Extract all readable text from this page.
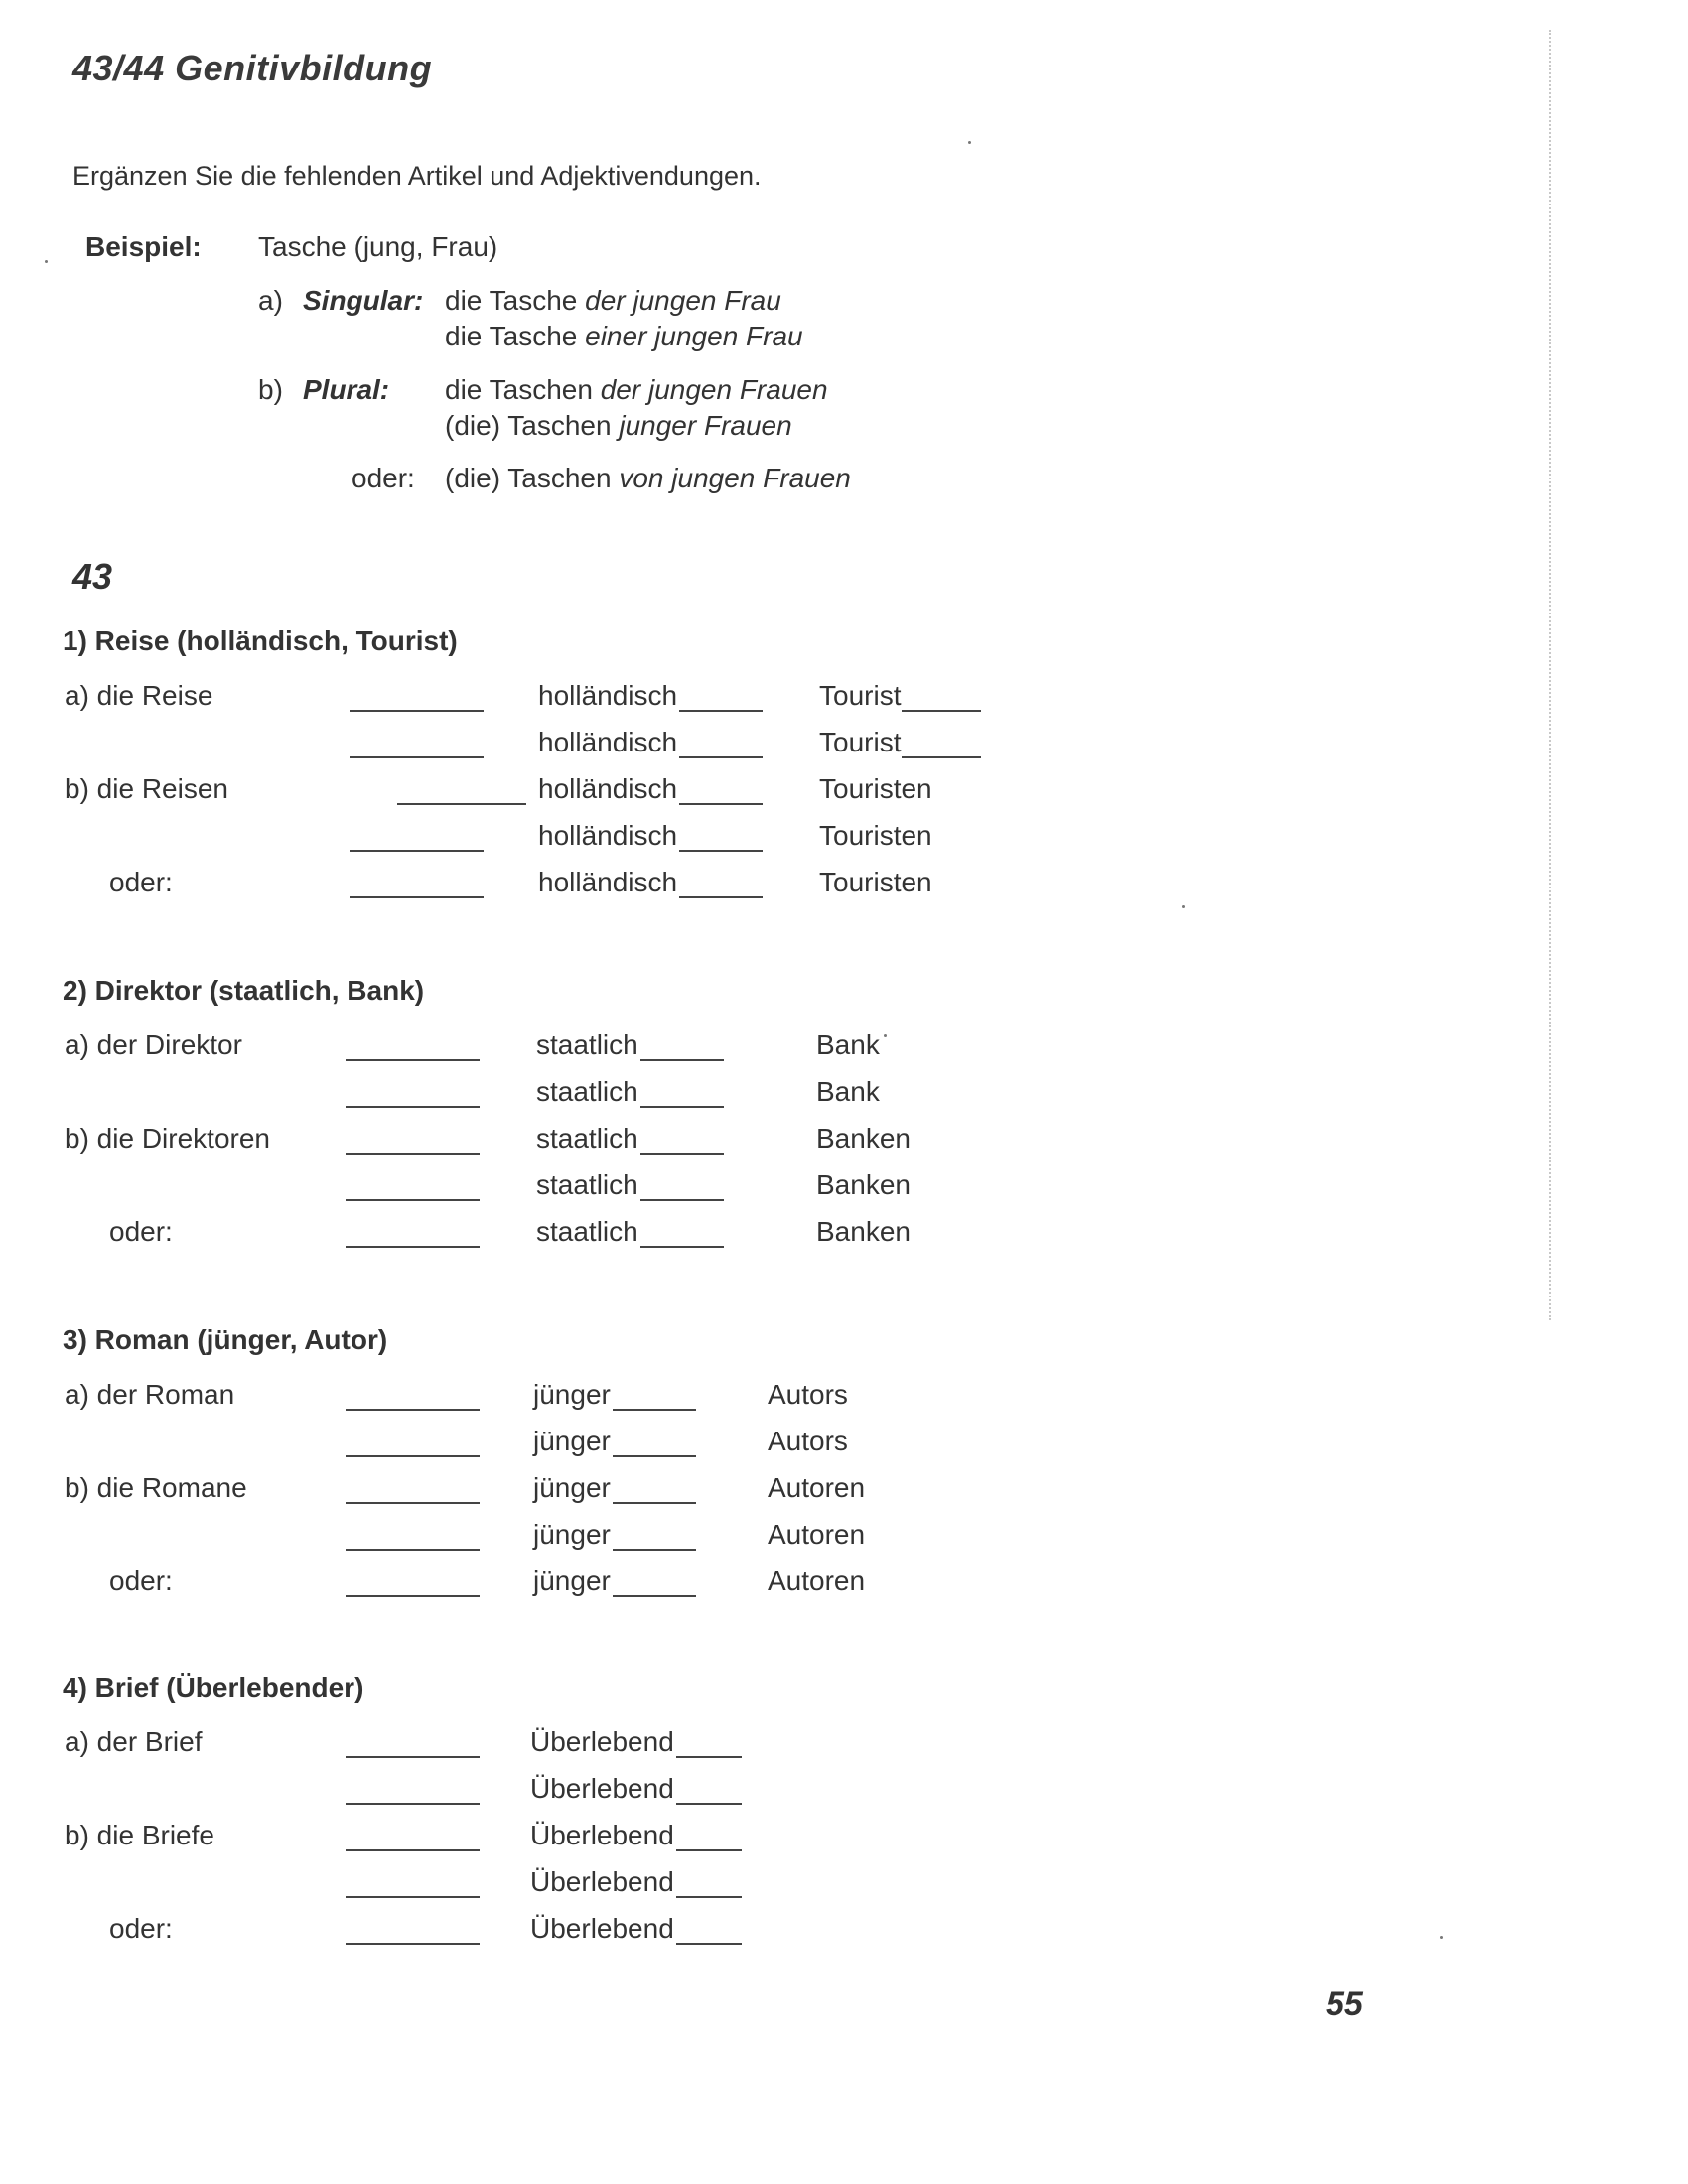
43/44 Genitivbildung
Ergänzen Sie die fehlenden Artikel und Adjektivendungen.
Beispiel: Tasche (jung, Frau)
a) Singular: die Tasche der jungen Frau
die Tasche einer jungen Frau
b) Plural: die Taschen der jungen Frauen
(die) Taschen junger Frauen
oder: (die) Taschen von jungen Frauen
43
1) Reise (holländisch, Tourist)
a) die Reise	holländisch	Tourist
holländisch	Tourist
b) die Reisen	holländisch	Touristen
holländisch	Touristen
oder:	holländisch	Touristen
2) Direktor (staatlich, Bank)
a) der Direktor	staatlich	Bank
staatlich	Bank
b) die Direktoren	staatlich	Banken
staatlich	Banken
oder:	staatlich	Banken
3) Roman (jünger, Autor)
a) der Roman	jünger	Autors
jünger	Autors
b) die Romane	jünger	Autoren
jünger	Autoren
oder:	jünger	Autoren
4) Brief (Überlebender)
a) der Brief	Überlebend
Überlebend
b) die Briefe	Überlebend
Überlebend
oder:	Überlebend
55
